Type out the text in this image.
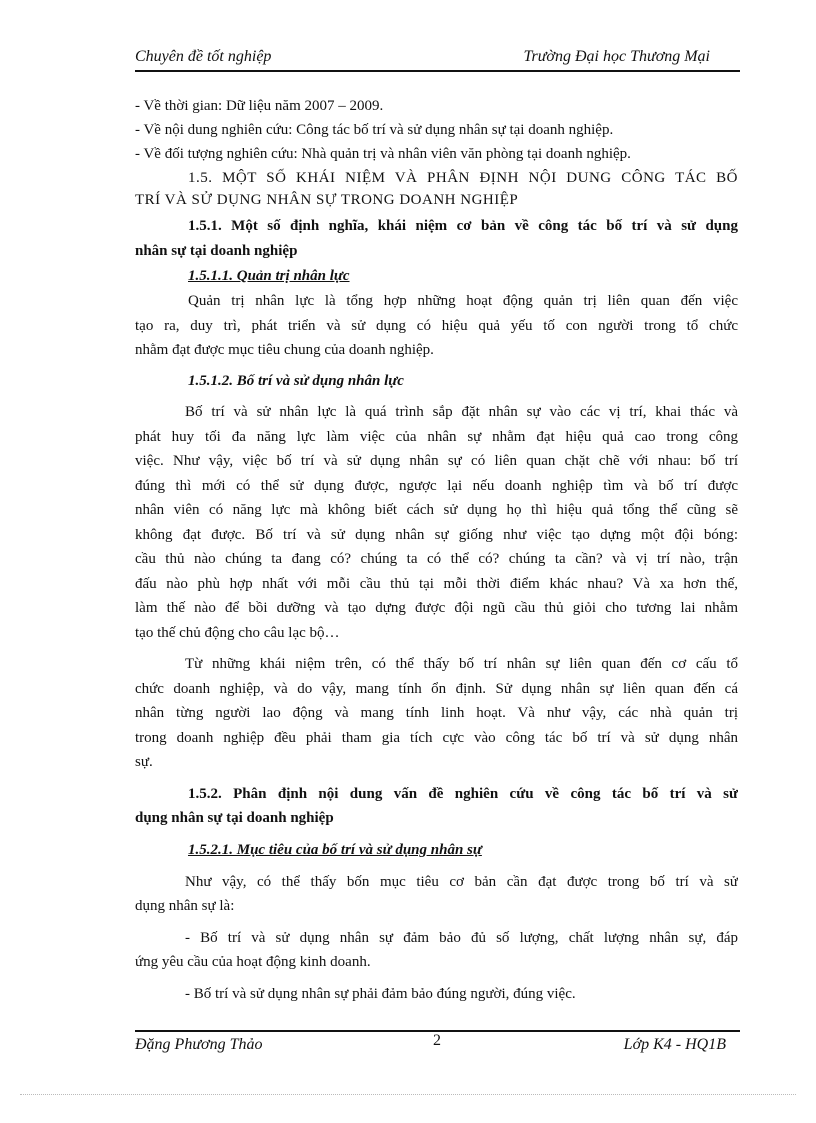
Chuyên đề tốt nghiệp	Trường Đại học Thương Mại
- Về thời gian: Dữ liệu năm 2007 – 2009.
- Về nội dung nghiên cứu: Công tác bố trí và sử dụng nhân sự tại doanh nghiệp.
- Về đối tượng nghiên cứu: Nhà quản trị và nhân viên văn phòng tại doanh nghiệp.
1.5. MỘT SỐ KHÁI NIỆM VÀ PHÂN ĐỊNH NỘI DUNG CÔNG TÁC BỐ
TRÍ VÀ SỬ DỤNG NHÂN SỰ TRONG DOANH NGHIỆP
1.5.1. Một số định nghĩa, khái niệm cơ bản về công tác bố trí và sử dụng
nhân sự tại doanh nghiệp
1.5.1.1. Quản trị nhân lực
Quản trị nhân lực là tổng hợp những hoạt động quản trị liên quan đến việc
tạo ra, duy trì, phát triển và sử dụng có hiệu quả yếu tố con người trong tổ chức
nhằm đạt được mục tiêu chung của doanh nghiệp.
1.5.1.2. Bố trí và sử dụng nhân lực
Bố trí và sử nhân lực là quá trình sắp đặt nhân sự vào các vị trí, khai thác và
phát huy tối đa năng lực làm việc của nhân sự nhằm đạt hiệu quả cao trong công
việc. Như vậy, việc bố trí và sử dụng nhân sự có liên quan chặt chẽ với nhau: bố trí
đúng thì mới có thể sử dụng được, ngược lại nếu doanh nghiệp tìm và bố trí được
nhân viên có năng lực mà không biết cách sử dụng họ thì hiệu quả tổng thể cũng sẽ
không đạt được. Bố trí và sử dụng nhân sự giống như việc tạo dựng một đội bóng:
cầu thủ nào chúng ta đang có? chúng ta có thể có? chúng ta cần? và vị trí nào, trận
đấu nào phù hợp nhất với mỗi cầu thủ tại mỗi thời điểm khác nhau? Và xa hơn thế,
làm thế nào để bồi dưỡng và tạo dựng được đội ngũ cầu thủ giỏi cho tương lai nhằm
tạo thế chủ động cho câu lạc bộ…
Từ những khái niệm trên, có thể thấy bố trí nhân sự liên quan đến cơ cấu tổ
chức doanh nghiệp, và do vậy, mang tính ổn định. Sử dụng nhân sự liên quan đến cá
nhân từng người lao động và mang tính linh hoạt. Và như vậy, các nhà quản trị
trong doanh nghiệp đều phải tham gia tích cực vào công tác bố trí và sử dụng nhân
sự.
1.5.2. Phân định nội dung vấn đề nghiên cứu về công tác bố trí và sử
dụng nhân sự tại doanh nghiệp
1.5.2.1. Mục tiêu của bố trí và sử dụng nhân sự
Như vậy, có thể thấy bốn mục tiêu cơ bản cần đạt được trong bố trí và sử
dụng nhân sự là:
- Bố trí và sử dụng nhân sự đảm bảo đủ số lượng, chất lượng nhân sự, đáp
ứng yêu cầu của hoạt động kinh doanh.
- Bố trí và sử dụng nhân sự phải đảm bảo đúng người, đúng việc.
Đặng Phương Thảo	2	Lớp K4 - HQ1B
